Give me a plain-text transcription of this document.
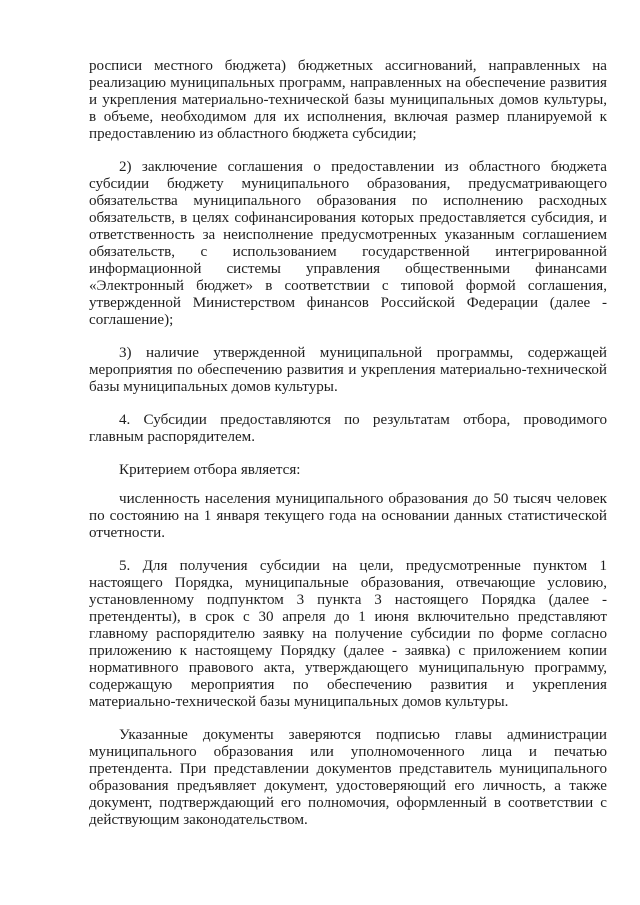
росписи местного бюджета) бюджетных ассигнований, направленных на реализацию муниципальных программ, направленных на обеспечение развития и укрепления материально-технической базы муниципальных домов культуры, в объеме, необходимом для их исполнения, включая размер планируемой к предоставлению из областного бюджета субсидии;

2) заключение соглашения о предоставлении из областного бюджета субсидии бюджету муниципального образования, предусматривающего обязательства муниципального образования по исполнению расходных обязательств, в целях софинансирования которых предоставляется субсидия, и ответственность за неисполнение предусмотренных указанным соглашением обязательств, с использованием государственной интегрированной информационной системы управления общественными финансами «Электронный бюджет» в соответствии с типовой формой соглашения, утвержденной Министерством финансов Российской Федерации (далее - соглашение);

3) наличие утвержденной муниципальной программы, содержащей мероприятия по обеспечению развития и укрепления материально-технической базы муниципальных домов культуры.

4. Субсидии предоставляются по результатам отбора, проводимого главным распорядителем.

Критерием отбора является:

численность населения муниципального образования до 50 тысяч человек по состоянию на 1 января текущего года на основании данных статистической отчетности.

5. Для получения субсидии на цели, предусмотренные пунктом 1 настоящего Порядка, муниципальные образования, отвечающие условию, установленному подпунктом 3 пункта 3 настоящего Порядка (далее - претенденты), в срок с 30 апреля до 1 июня включительно представляют главному распорядителю заявку на получение субсидии по форме согласно приложению к настоящему Порядку (далее - заявка) с приложением копии нормативного правового акта, утверждающего муниципальную программу, содержащую мероприятия по обеспечению развития и укрепления материально-технической базы муниципальных домов культуры.

Указанные документы заверяются подписью главы администрации муниципального образования или уполномоченного лица и печатью претендента. При представлении документов представитель муниципального образования предъявляет документ, удостоверяющий его личность, а также документ, подтверждающий его полномочия, оформленный в соответствии с действующим законодательством.
